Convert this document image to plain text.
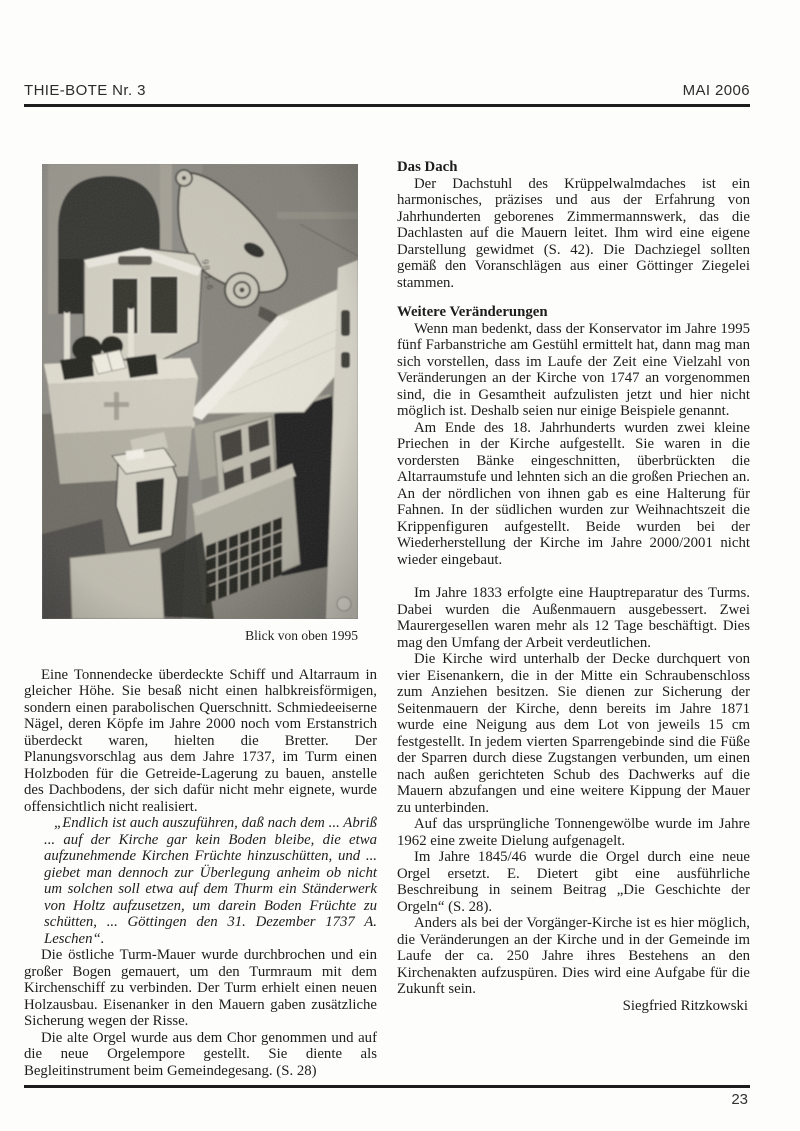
THIE-BOTE Nr. 3	MAI 2006
Blick von oben 1995

Eine Tonnendecke überdeckte Schiff und Altarraum in gleicher Höhe. Sie besaß nicht einen halbkreisförmigen, sondern einen parabolischen Querschnitt. Schmiedeeiserne Nägel, deren Köpfe im Jahre 2000 noch vom Erstanstrich überdeckt waren, hielten die Bretter. Der Planungsvorschlag aus dem Jahre 1737, im Turm einen Holzboden für die Getreide-Lagerung zu bauen, anstelle des Dachbodens, der sich dafür nicht mehr eignete, wurde offensichtlich nicht realisiert.

„Endlich ist auch auszuführen, daß nach dem ... Abriß ... auf der Kirche gar kein Boden bleibe, die etwa aufzunehmende Kirchen Früchte hinzuschütten, und ... giebet man dennoch zur Überlegung anheim ob nicht um solchen soll etwa auf dem Thurm ein Ständerwerk von Holtz aufzusetzen, um darein Boden Früchte zu schütten, ... Göttingen den 31. Dezember 1737 A. Leschen“.

Die östliche Turm-Mauer wurde durchbrochen und ein großer Bogen gemauert, um den Turmraum mit dem Kirchenschiff zu verbinden. Der Turm erhielt einen neuen Holzausbau. Eisenanker in den Mauern gaben zusätzliche Sicherung wegen der Risse.

Die alte Orgel wurde aus dem Chor genommen und auf die neue Orgelempore gestellt. Sie diente als Begleitinstrument beim Gemeindegesang. (S. 28)

Das Dach

Der Dachstuhl des Krüppelwalmdaches ist ein harmonisches, präzises und aus der Erfahrung von Jahrhunderten geborenes Zimmermannswerk, das die Dachlasten auf die Mauern leitet. Ihm wird eine eigene Darstellung gewidmet (S. 42). Die Dachziegel sollten gemäß den Voranschlägen aus einer Göttinger Ziegelei stammen.

Weitere Veränderungen

Wenn man bedenkt, dass der Konservator im Jahre 1995 fünf Farbanstriche am Gestühl ermittelt hat, dann mag man sich vorstellen, dass im Laufe der Zeit eine Vielzahl von Veränderungen an der Kirche von 1747 an vorgenommen sind, die in Gesamtheit aufzulisten jetzt und hier nicht möglich ist. Deshalb seien nur einige Beispiele genannt.

Am Ende des 18. Jahrhunderts wurden zwei kleine Priechen in der Kirche aufgestellt. Sie waren in die vordersten Bänke eingeschnitten, überbrückten die Altarraumstufe und lehnten sich an die großen Priechen an. An der nördlichen von ihnen gab es eine Halterung für Fahnen. In der südlichen wurden zur Weihnachtszeit die Krippenfiguren aufgestellt. Beide wurden bei der Wiederherstellung der Kirche im Jahre 2000/2001 nicht wieder eingebaut.

Im Jahre 1833 erfolgte eine Hauptreparatur des Turms. Dabei wurden die Außenmauern ausgebessert. Zwei Maurergesellen waren mehr als 12 Tage beschäftigt. Dies mag den Umfang der Arbeit verdeutlichen.

Die Kirche wird unterhalb der Decke durchquert von vier Eisenankern, die in der Mitte ein Schraubenschloss zum Anziehen besitzen. Sie dienen zur Sicherung der Seitenmauern der Kirche, denn bereits im Jahre 1871 wurde eine Neigung aus dem Lot von jeweils 15 cm festgestellt. In jedem vierten Sparrengebinde sind die Füße der Sparren durch diese Zugstangen verbunden, um einen nach außen gerichteten Schub des Dachwerks auf die Mauern abzufangen und eine weitere Kippung der Mauer zu unterbinden.

Auf das ursprüngliche Tonnengewölbe wurde im Jahre 1962 eine zweite Dielung aufgenagelt.

Im Jahre 1845/46 wurde die Orgel durch eine neue Orgel ersetzt. E. Dietert gibt eine ausführliche Beschreibung in seinem Beitrag „Die Geschichte der Orgeln“ (S. 28).

Anders als bei der Vorgänger-Kirche ist es hier möglich, die Veränderungen an der Kirche und in der Gemeinde im Laufe der ca. 250 Jahre ihres Bestehens an den Kirchenakten aufzuspüren. Dies wird eine Aufgabe für die Zukunft sein.

Siegfried Ritzkowski

23
